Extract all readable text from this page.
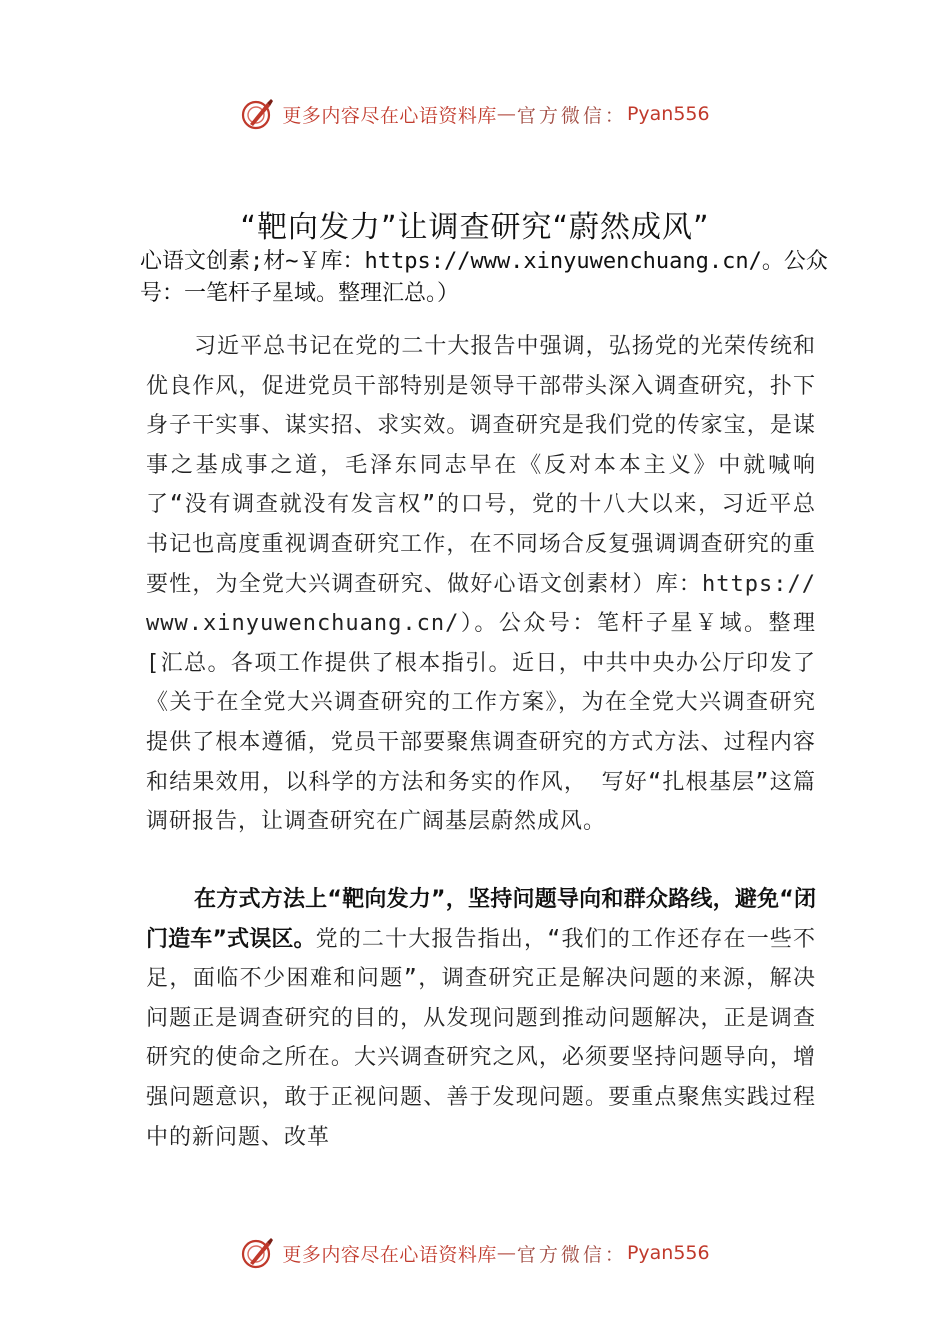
更多内容尽在心语资料库 — 官方微信： Pyan556
“靶向发力”让调查研究“蔚然成风”
心语文创素;材~￥库：https://www.xinyuwenchuang.cn/。公众号：一笔杆子星域。整理汇总。）
习近平总书记在党的二十大报告中强调，弘扬党的光荣传统和优良作风，促进党员干部特别是领导干部带头深入调查研究，扑下身子干实事、谋实招、求实效。调查研究是我们党的传家宝，是谋事之基成事之道，毛泽东同志早在《反对本本主义》中就喊响了“没有调查就没有发言权”的口号，党的十八大以来，习近平总书记也高度重视调查研究工作，在不同场合反复强调调查研究的重要性，为全党大兴调查研究、做好心语文创素材）库：https://www.xinyuwenchuang.cn/）。公众号：笔杆子星￥域。整理[汇总。各项工作提供了根本指引。近日，中共中央办公厅印发了《关于在全党大兴调查研究的工作方案》，为在全党大兴调查研究提供了根本遵循，党员干部要聚焦调查研究的方式方法、过程内容和结果效用，以科学的方法和务实的作风， 写好“扎根基层”这篇调研报告，让调查研究在广阔基层蔚然成风。
在方式方法上“靶向发力”，坚持问题导向和群众路线，避免“闭门造车”式误区。党的二十大报告指出，“我们的工作还存在一些不足，面临不少困难和问题”，调查研究正是解决问题的来源，解决问题正是调查研究的目的，从发现问题到推动问题解决，正是调查研究的使命之所在。大兴调查研究之风，必须要坚持问题导向，增强问题意识，敢于正视问题、善于发现问题。要重点聚焦实践过程中的新问题、改革
更多内容尽在心语资料库 — 官方微信： Pyan556
